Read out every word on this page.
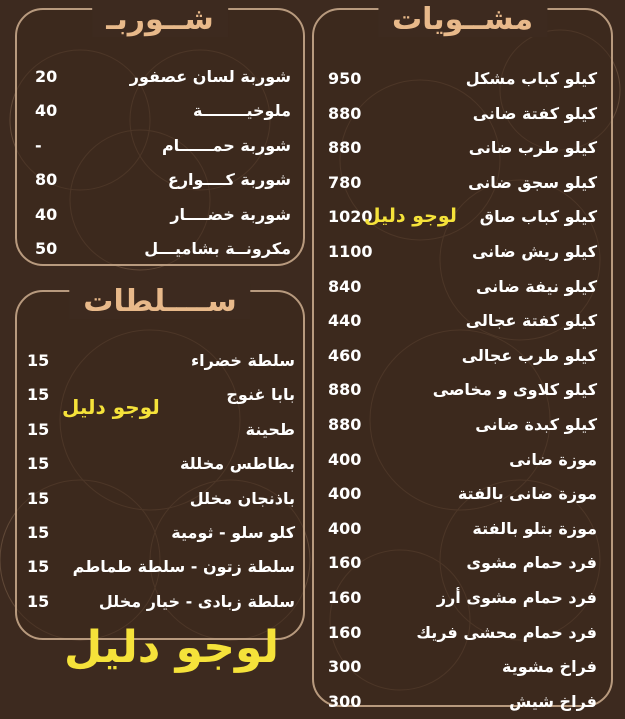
مشــويات
كيلو كباب مشكل
950
كيلو كفتة ضانى
880
كيلو طرب ضانى
880
كيلو سجق ضانى
780
كيلو كباب صاق
1020
كيلو ريش ضانى
1100
كيلو نيفة ضانى
840
كيلو كفتة عجالى
440
كيلو طرب عجالى
460
كيلو كلاوى و مخاصى
880
كيلو كبدة ضانى
880
موزة ضانى
400
موزة ضانى بالفتة
400
موزة بتلو بالفتة
400
فرد حمام مشوى
160
فرد حمام مشوى أرز
160
فرد حمام محشى فريك
160
فراخ مشوية
300
فراخ شيش
300
شــوربـ
شوربة لسان عصفور
20
ملوخيــــــــة
40
شوربة حمــــــام
-
شوربة كــــوارع
80
شوربة خضــــار
40
مكرونــة بشاميـــل
50
ســــلطات
سلطة خضراء
15
بابا غنوج
15
طحينة
15
بطاطس مخللة
15
باذنجان مخلل
15
كلو سلو - ثومية
15
سلطة زتون - سلطة طماطم
15
سلطة زبادى - خيار مخلل
15
لوجو دليل
لوجو دليل
لوجو دليل
